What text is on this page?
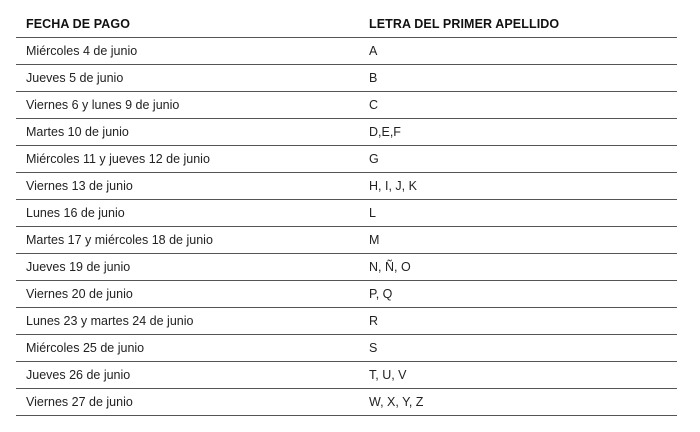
FECHA DE PAGO	LETRA DEL PRIMER APELLIDO
Miércoles 4 de junio	A
Jueves 5 de junio	B
Viernes 6 y lunes 9 de junio	C
Martes 10 de junio	D,E,F
Miércoles 11 y jueves 12 de junio	G
Viernes 13 de junio	H, I, J, K
Lunes 16 de junio	L
Martes 17 y miércoles 18 de junio	M
Jueves 19 de junio	N, Ñ, O
Viernes 20 de junio	P, Q
Lunes 23 y martes 24 de junio	R
Miércoles 25 de junio	S
Jueves 26 de junio	T, U, V
Viernes 27 de junio	W, X, Y, Z
